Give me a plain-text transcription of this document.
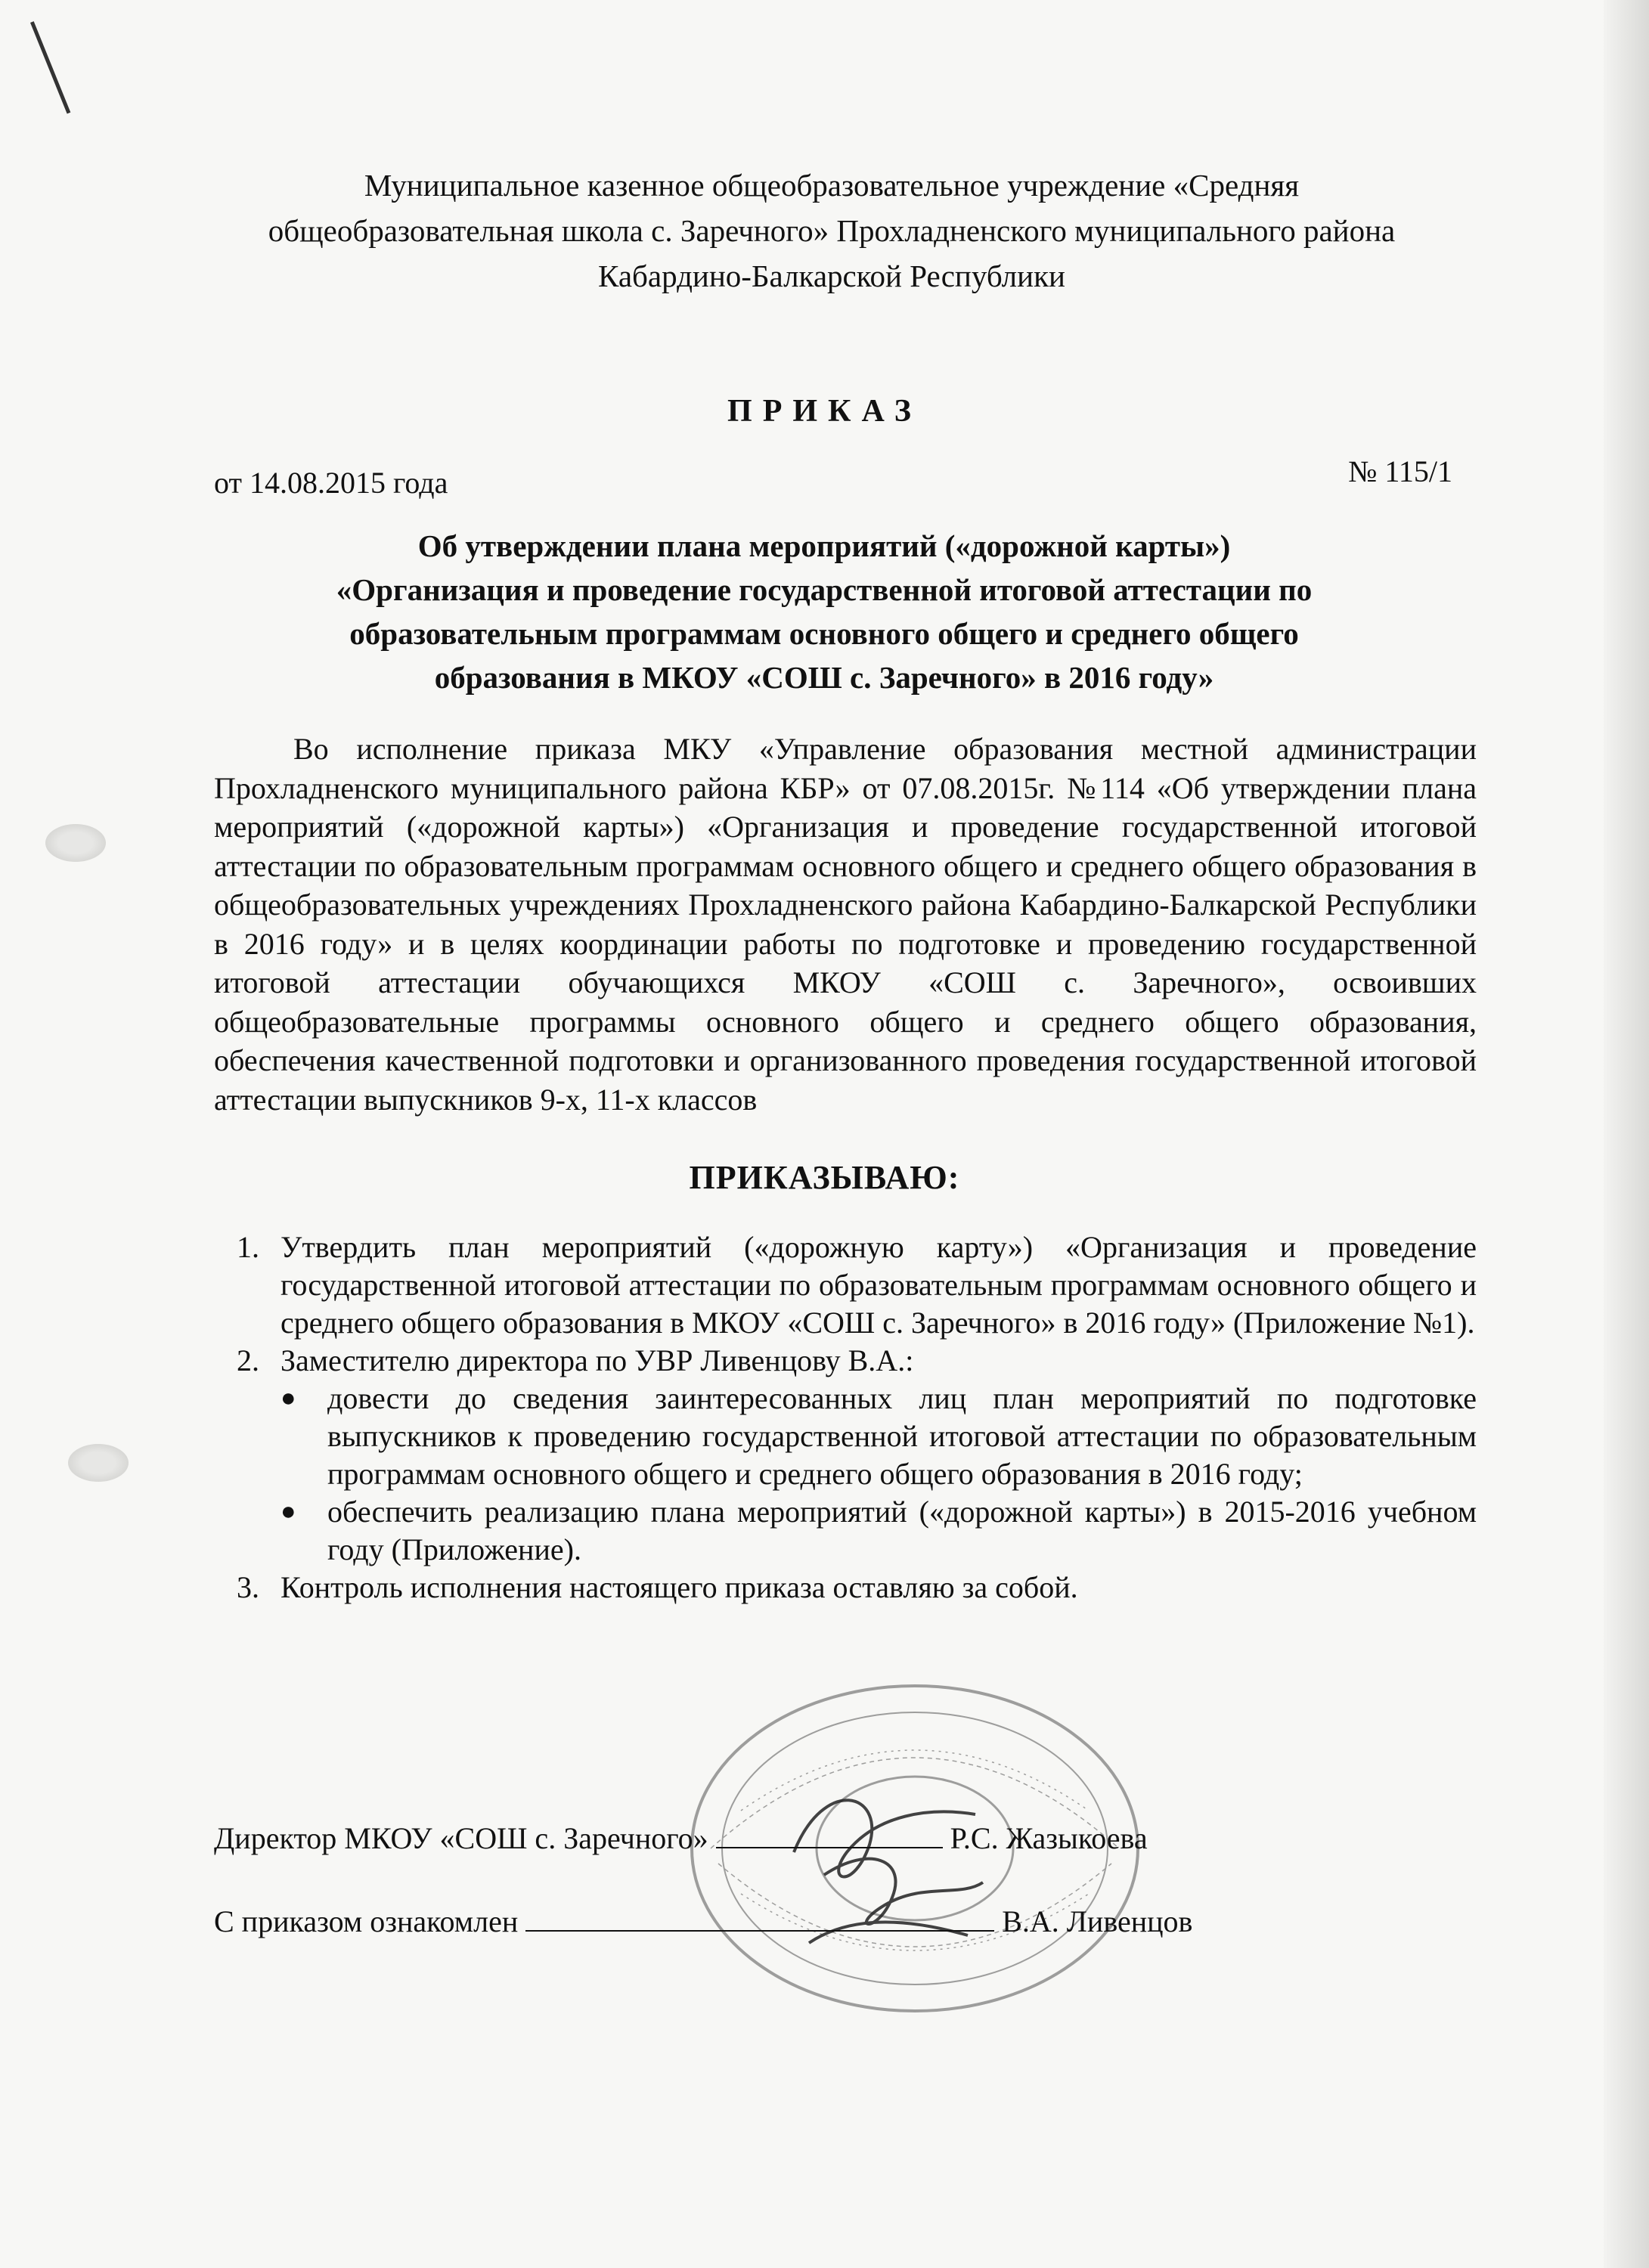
Муниципальное казенное общеобразовательное учреждение «Средняя
общеобразовательная школа с. Заречного» Прохладненского муниципального района
Кабардино-Балкарской Республики
ПРИКАЗ
от 14.08.2015 года	№ 115/1
Об утверждении плана мероприятий («дорожной карты»)
«Организация и проведение государственной итоговой аттестации по
образовательным программам основного общего и среднего общего
образования в МКОУ «СОШ с. Заречного» в 2016 году»
Во исполнение приказа МКУ «Управление образования местной администрации Прохладненского муниципального района КБР» от 07.08.2015г. №114 «Об утверждении плана мероприятий («дорожной карты») «Организация и проведение государственной итоговой аттестации по образовательным программам основного общего и среднего общего образования в общеобразовательных учреждениях Прохладненского района Кабардино-Балкарской Республики в 2016 году» и в целях координации работы по подготовке и проведению государственной итоговой аттестации обучающихся МКОУ «СОШ с. Заречного», освоивших общеобразовательные программы основного общего и среднего общего образования, обеспечения качественной подготовки и организованного проведения государственной итоговой аттестации выпускников 9-х, 11-х классов
ПРИКАЗЫВАЮ:
1. Утвердить план мероприятий («дорожную карту») «Организация и проведение государственной итоговой аттестации по образовательным программам основного общего и среднего общего образования в МКОУ «СОШ с. Заречного» в 2016 году» (Приложение №1).
2. Заместителю директора по УВР Ливенцову В.А.:
● довести до сведения заинтересованных лиц план мероприятий по подготовке выпускников к проведению государственной итоговой аттестации по образовательным программам основного общего и среднего общего образования в 2016 году;
● обеспечить реализацию плана мероприятий («дорожной карты») в 2015-2016 учебном году (Приложение).
3. Контроль исполнения настоящего приказа оставляю за собой.
Директор МКОУ «СОШ с. Заречного»	Р.С. Жазыкоева
С приказом ознакомлен	В.А. Ливенцов
